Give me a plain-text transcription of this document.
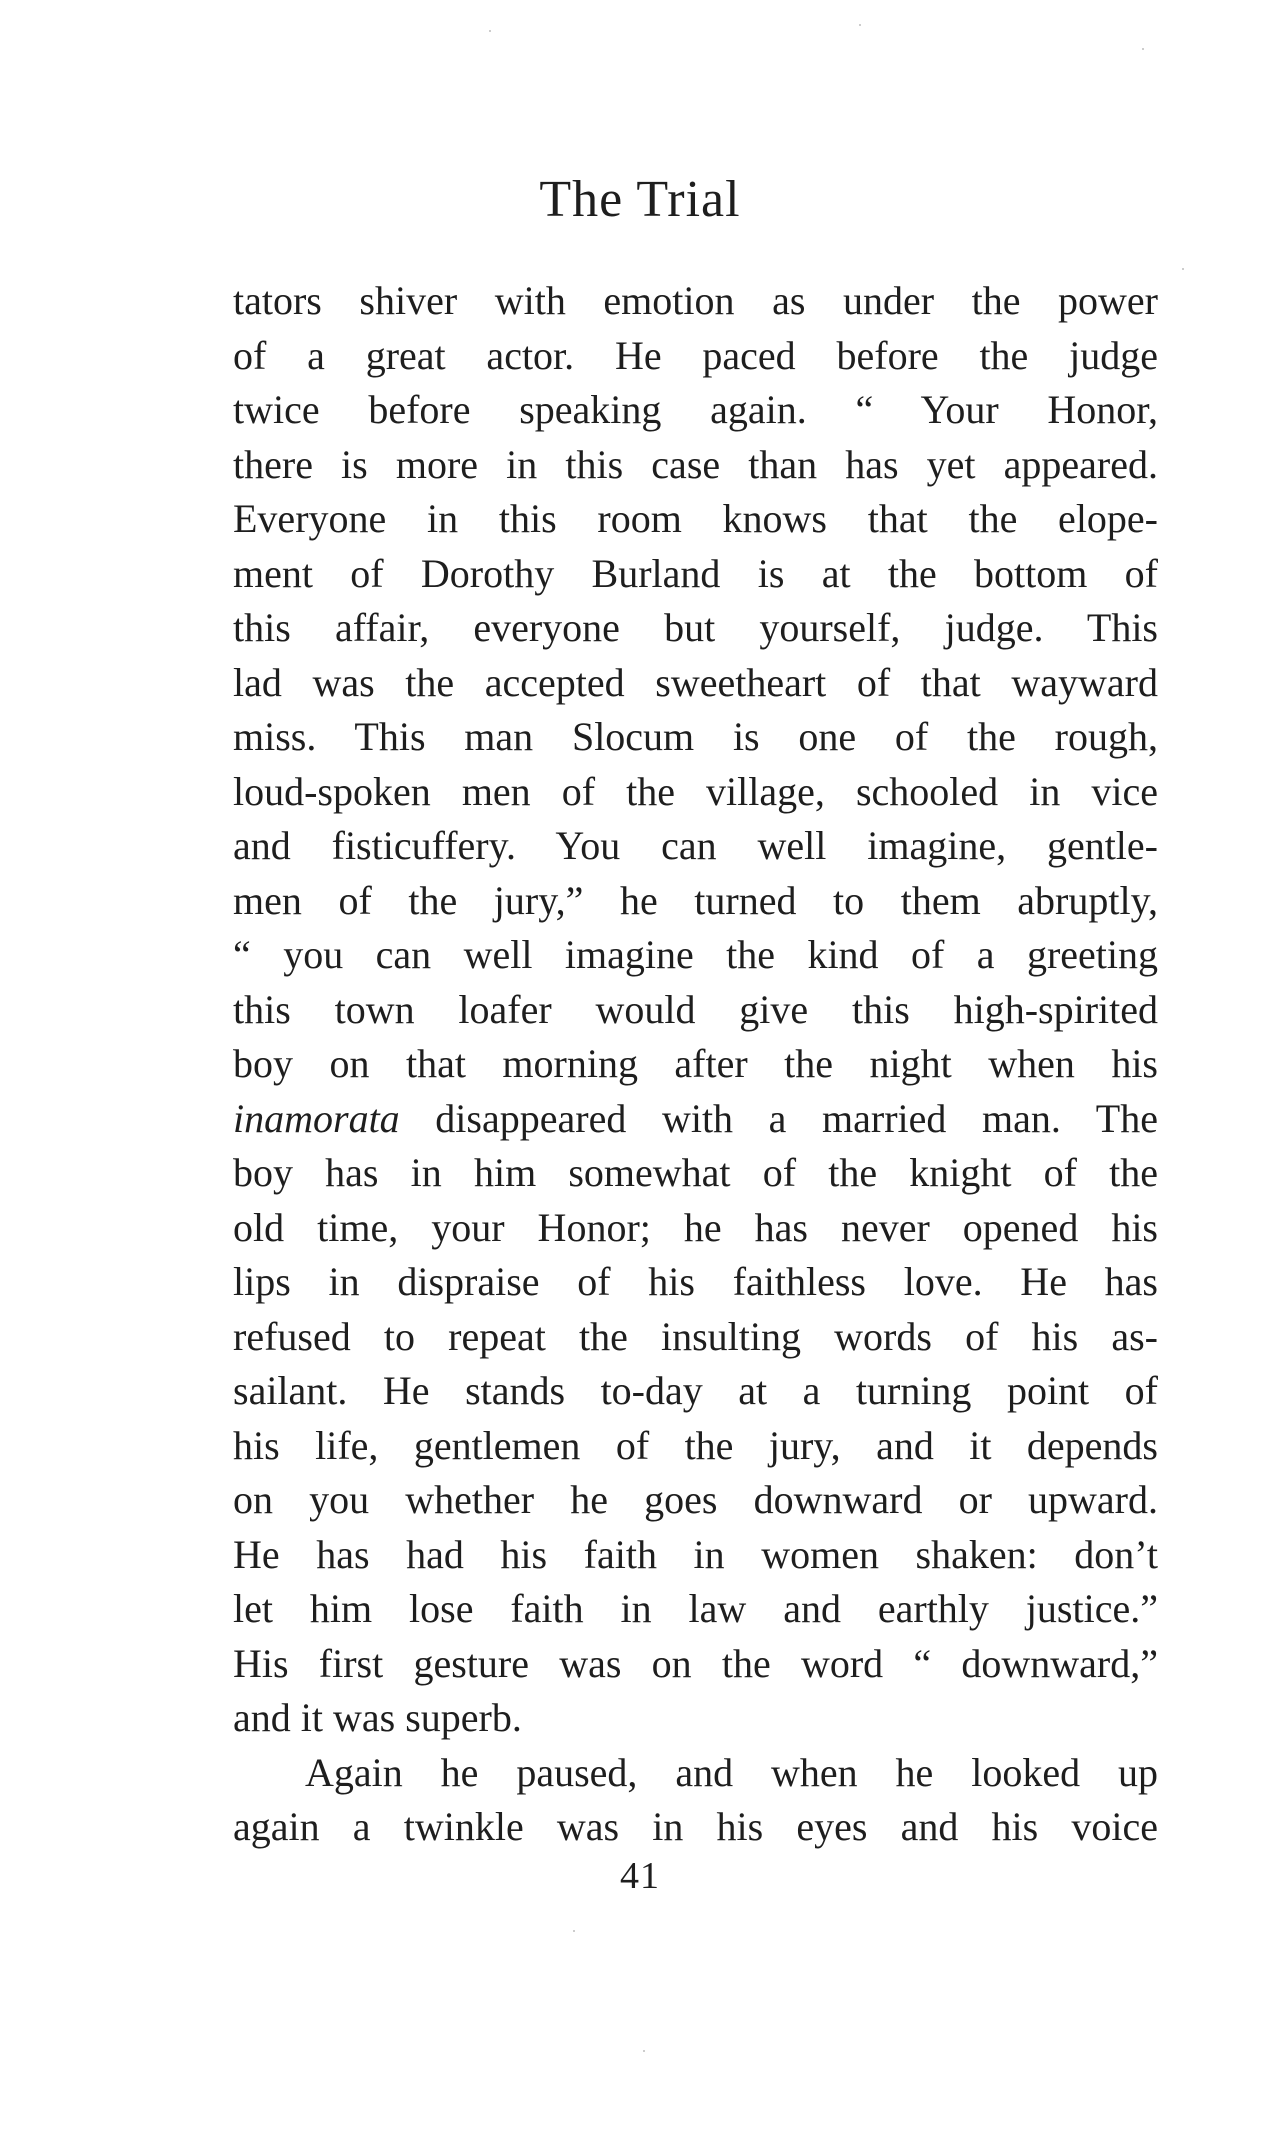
The Trial
tators shiver with emotion as under the power
of a great actor. He paced before the judge
twice before speaking again. “ Your Honor,
there is more in this case than has yet appeared.
Everyone in this room knows that the elope-
ment of Dorothy Burland is at the bottom of
this affair, everyone but yourself, judge. This
lad was the accepted sweetheart of that wayward
miss. This man Slocum is one of the rough,
loud-spoken men of the village, schooled in vice
and fisticuffery. You can well imagine, gentle-
men of the jury,” he turned to them abruptly,
“ you can well imagine the kind of a greeting
this town loafer would give this high-spirited
boy on that morning after the night when his
inamorata disappeared with a married man. The
boy has in him somewhat of the knight of the
old time, your Honor; he has never opened his
lips in dispraise of his faithless love. He has
refused to repeat the insulting words of his as-
sailant. He stands to-day at a turning point of
his life, gentlemen of the jury, and it depends
on you whether he goes downward or upward.
He has had his faith in women shaken: don’t
let him lose faith in law and earthly justice.”
His first gesture was on the word “ downward,”
and it was superb.
Again he paused, and when he looked up
again a twinkle was in his eyes and his voice
41
